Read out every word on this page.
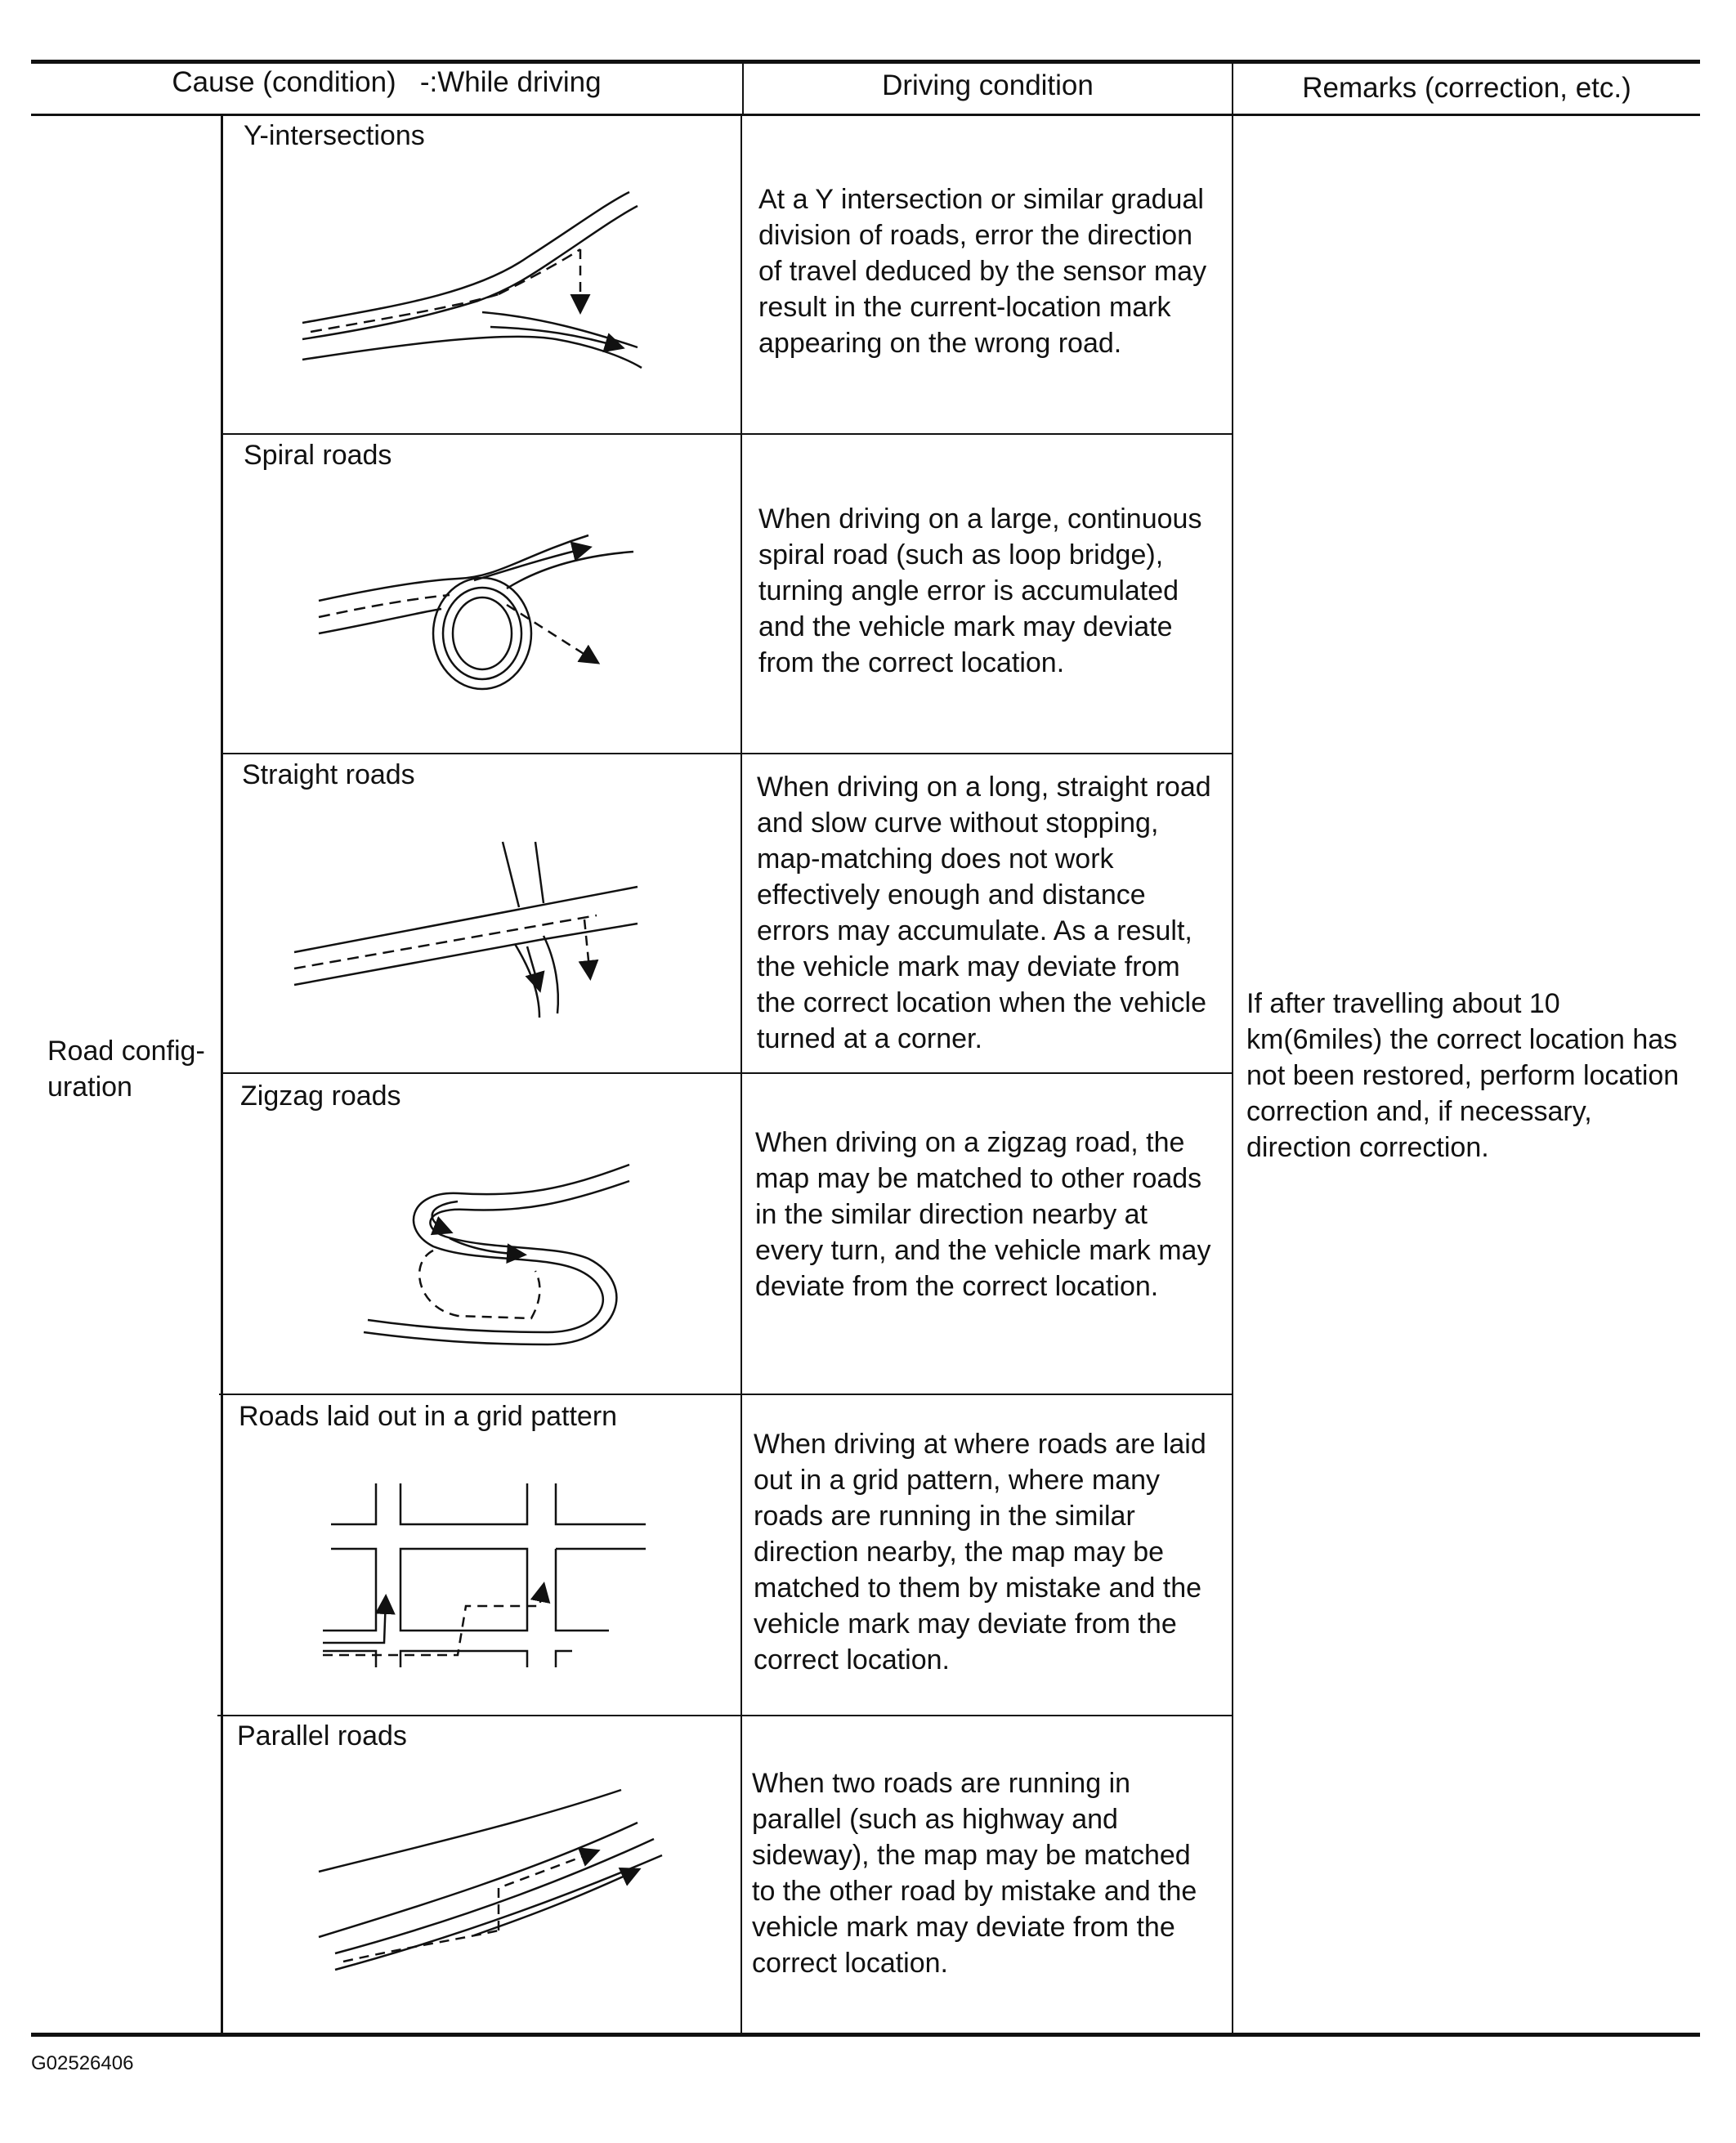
Cause (condition)   -:While driving	Driving condition	Remarks (correction, etc.)
Road config-
uration
If after travelling about 10 km(6miles) the correct location has not been restored, perform location correction and, if necessary, direction correction.
Y-intersections
Spiral roads
Straight roads
Zigzag roads
Roads laid out in a grid pattern
Parallel roads
At a Y intersection or similar gradual division of roads, error the direction of travel deduced by the sensor may result in the current-location mark appearing on the wrong road.
When driving on a large, continuous spiral road (such as loop bridge), turning angle error is accumulated and the vehicle mark may deviate from the correct location.
When driving on a long, straight road and slow curve without stopping, map-matching does not work effectively enough and distance errors may accumulate. As a result, the vehicle mark may deviate from the correct location when the vehicle turned at a corner.
When driving on a zigzag road, the map may be matched to other roads in the similar direction nearby at every turn, and the vehicle mark may deviate from the correct location.
When driving at where roads are laid out in a grid pattern, where many roads are running in the similar direction nearby, the map may be matched to them by mistake and the vehicle mark may deviate from the correct location.
When two roads are running in parallel (such as highway and sideway), the map may be matched to the other road by mistake and the vehicle mark may deviate from the correct location.
G02526406
